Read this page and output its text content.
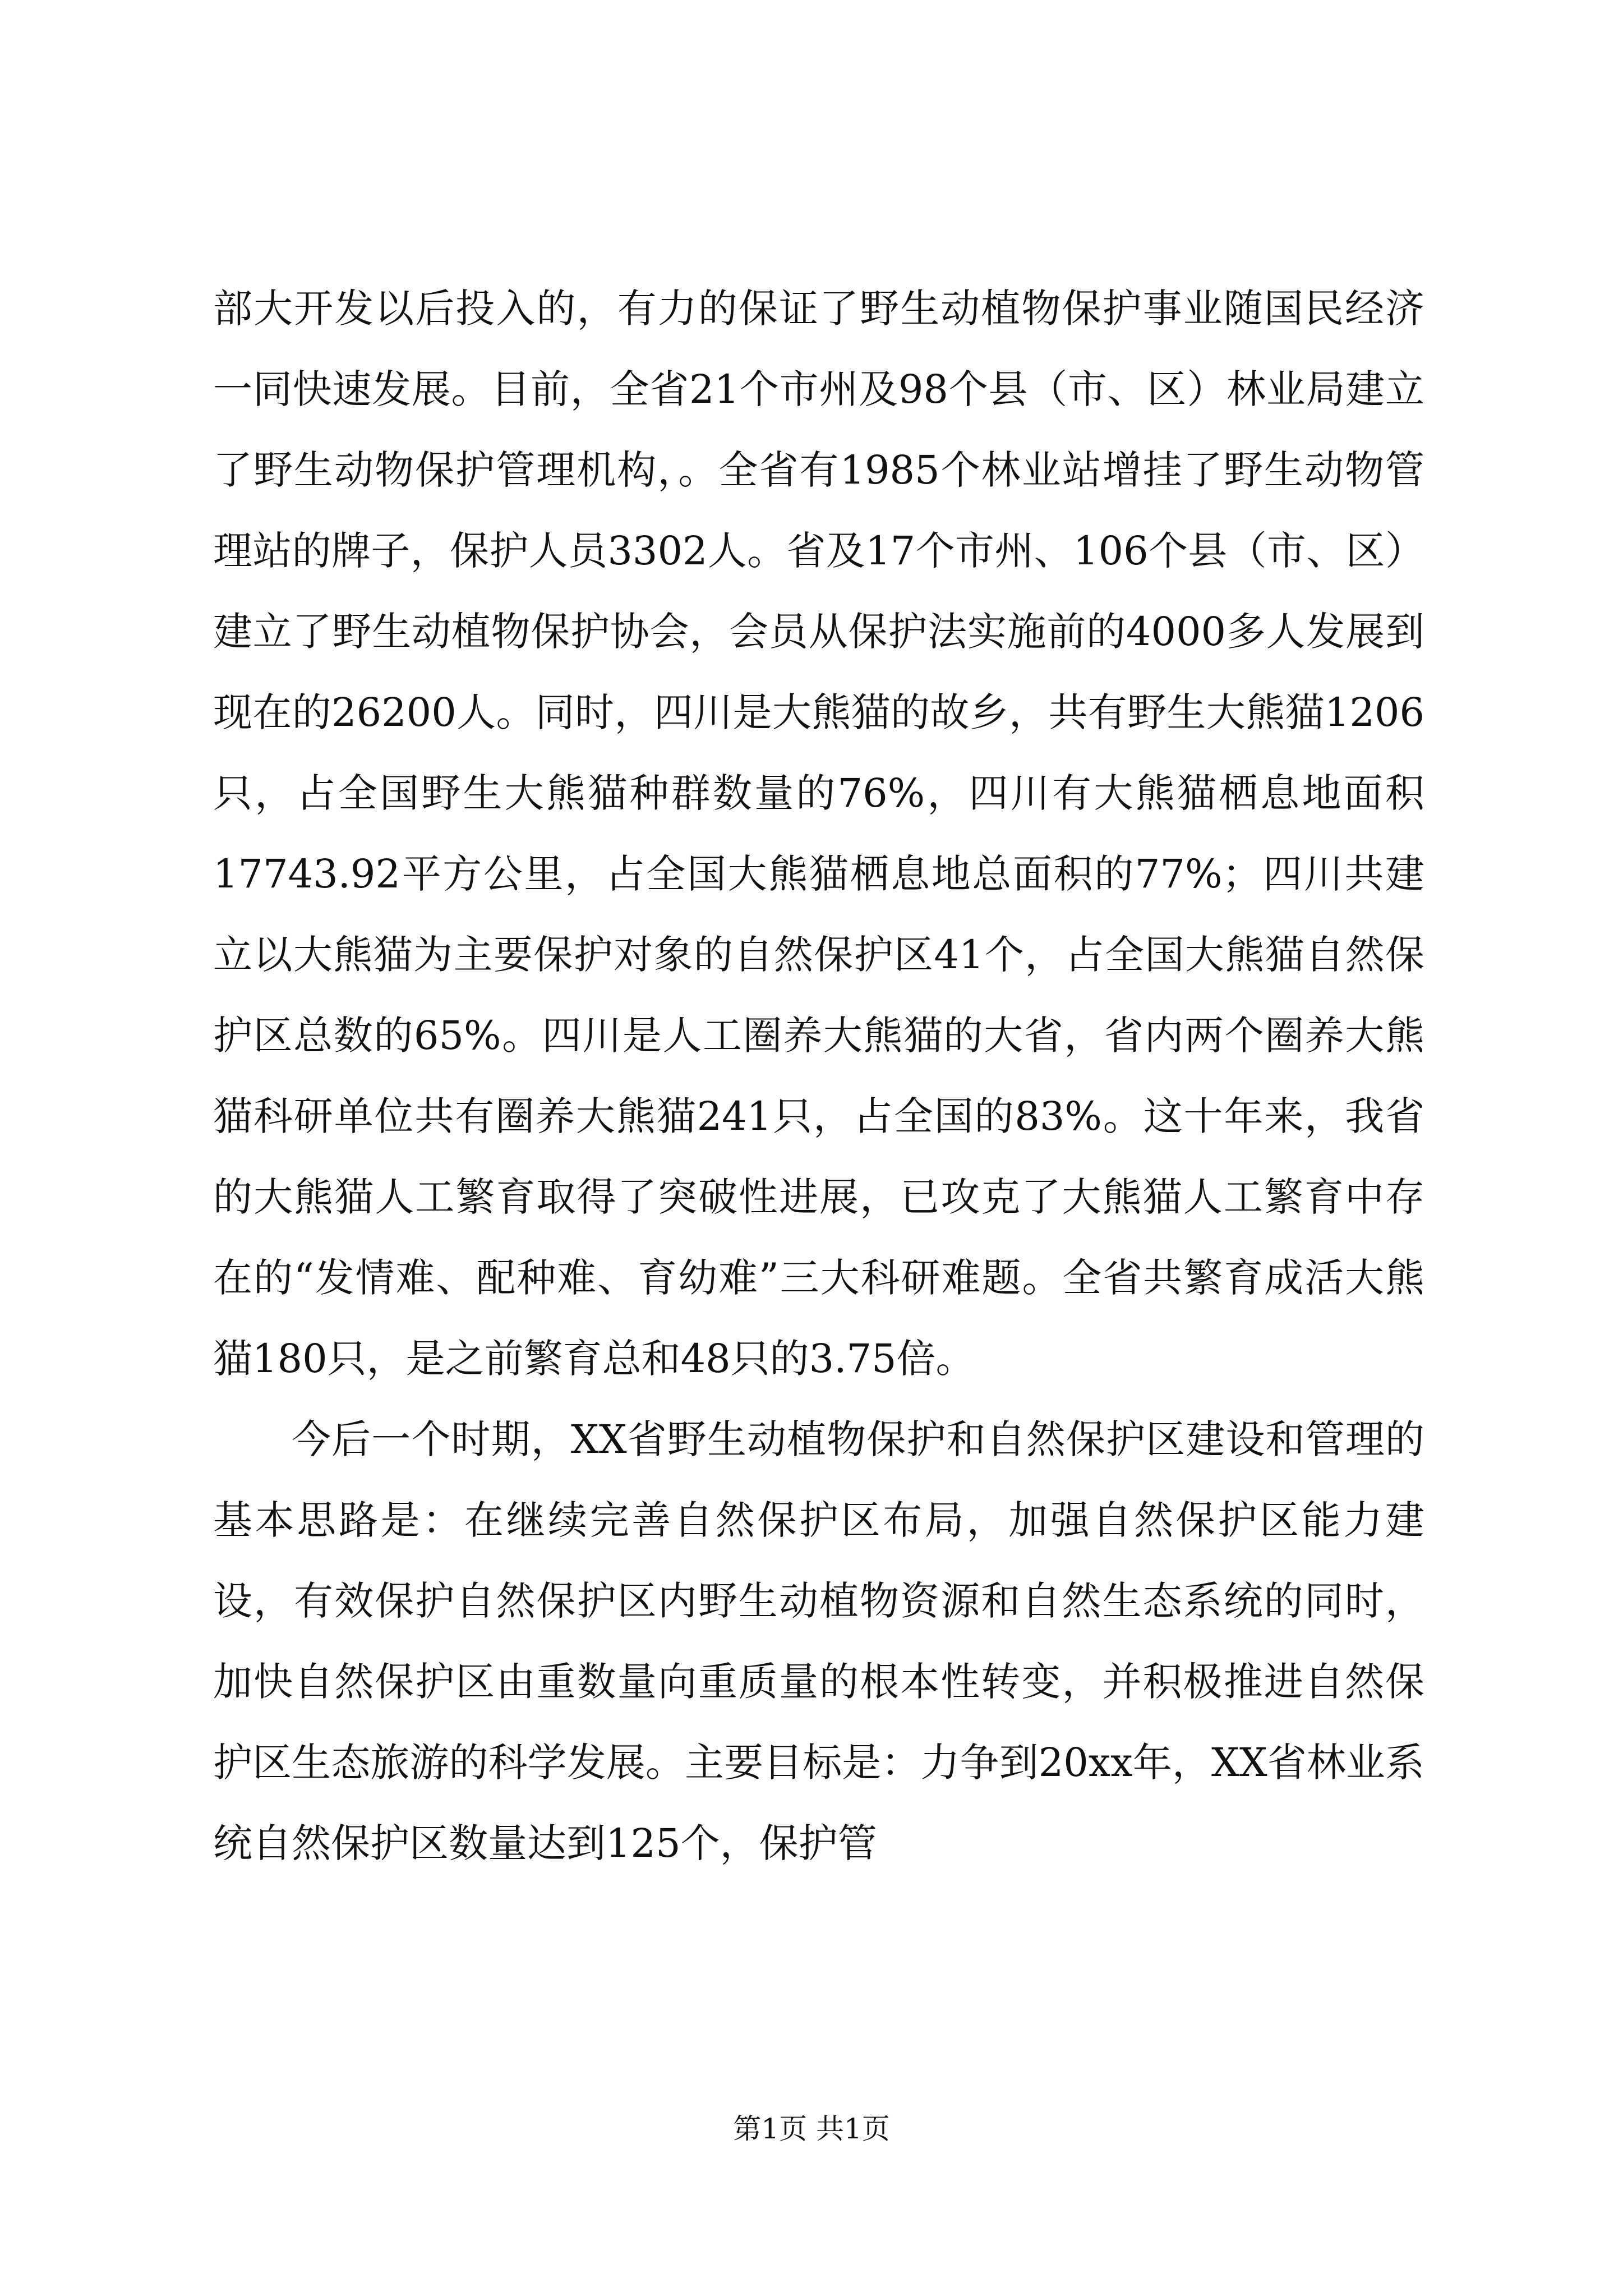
部大开发以后投入的，有力的保证了野生动植物保护事业随国民经济一同快速发展。目前，全省21个市州及98个县（市、区）林业局建立了野生动物保护管理机构，。全省有1985个林业站增挂了野生动物管理站的牌子，保护人员3302人。省及17个市州、106个县（市、区）建立了野生动植物保护协会，会员从保护法实施前的4000多人发展到现在的26200人。同时，四川是大熊猫的故乡，共有野生大熊猫1206只，占全国野生大熊猫种群数量的76%，四川有大熊猫栖息地面积17743.92平方公里，占全国大熊猫栖息地总面积的77%；四川共建立以大熊猫为主要保护对象的自然保护区41个，占全国大熊猫自然保护区总数的65%。四川是人工圈养大熊猫的大省，省内两个圈养大熊猫科研单位共有圈养大熊猫241只，占全国的83%。这十年来，我省的大熊猫人工繁育取得了突破性进展，已攻克了大熊猫人工繁育中存在的“发情难、配种难、育幼难”三大科研难题。全省共繁育成活大熊猫180只，是之前繁育总和48只的3.75倍。

今后一个时期，XX省野生动植物保护和自然保护区建设和管理的基本思路是：在继续完善自然保护区布局，加强自然保护区能力建设，有效保护自然保护区内野生动植物资源和自然生态系统的同时，加快自然保护区由重数量向重质量的根本性转变，并积极推进自然保护区生态旅游的科学发展。主要目标是：力争到20xx年，XX省林业系统自然保护区数量达到125个，保护管

第1页 共1页
